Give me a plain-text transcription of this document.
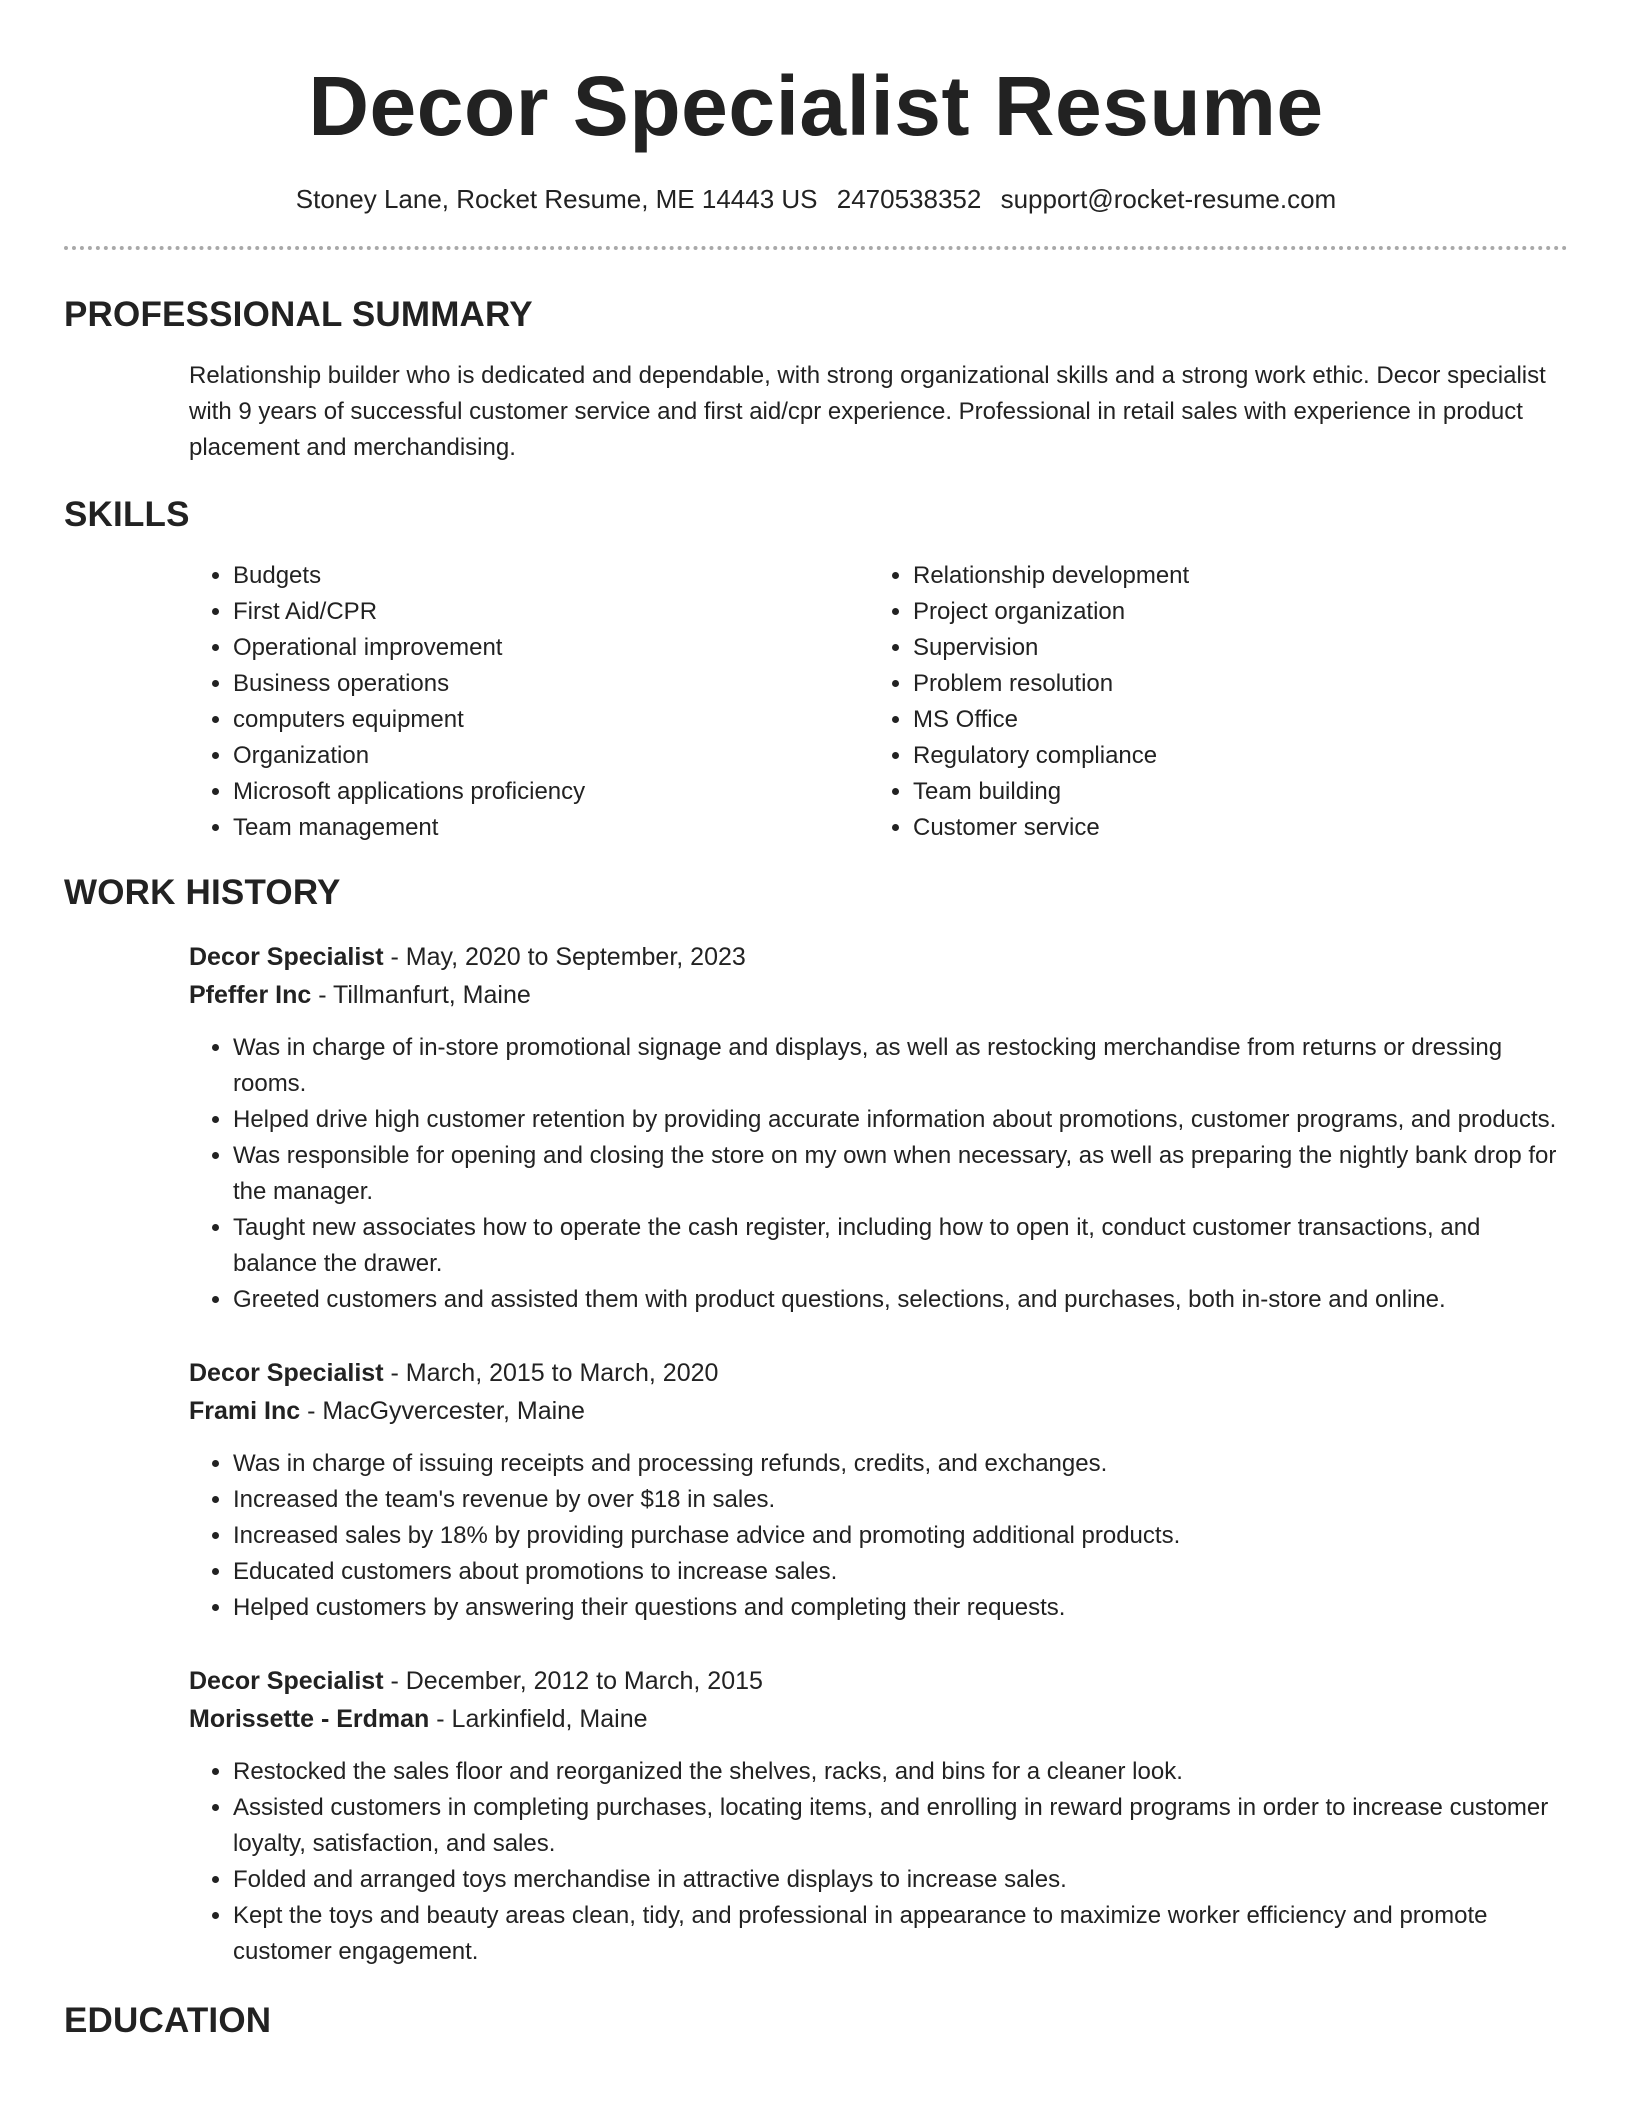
Decor Specialist Resume
Stoney Lane, Rocket Resume, ME 14443 US 2470538352 support@rocket-resume.com
PROFESSIONAL SUMMARY
Relationship builder who is dedicated and dependable, with strong organizational skills and a strong work ethic. Decor specialist with 9 years of successful customer service and first aid/cpr experience. Professional in retail sales with experience in product placement and merchandising.
SKILLS
• Budgets
• First Aid/CPR
• Operational improvement
• Business operations
• computers equipment
• Organization
• Microsoft applications proficiency
• Team management
• Relationship development
• Project organization
• Supervision
• Problem resolution
• MS Office
• Regulatory compliance
• Team building
• Customer service
WORK HISTORY
Decor Specialist - May, 2020 to September, 2023
Pfeffer Inc - Tillmanfurt, Maine
• Was in charge of in-store promotional signage and displays, as well as restocking merchandise from returns or dressing rooms.
• Helped drive high customer retention by providing accurate information about promotions, customer programs, and products.
• Was responsible for opening and closing the store on my own when necessary, as well as preparing the nightly bank drop for the manager.
• Taught new associates how to operate the cash register, including how to open it, conduct customer transactions, and balance the drawer.
• Greeted customers and assisted them with product questions, selections, and purchases, both in-store and online.
Decor Specialist - March, 2015 to March, 2020
Frami Inc - MacGyvercester, Maine
• Was in charge of issuing receipts and processing refunds, credits, and exchanges.
• Increased the team's revenue by over $18 in sales.
• Increased sales by 18% by providing purchase advice and promoting additional products.
• Educated customers about promotions to increase sales.
• Helped customers by answering their questions and completing their requests.
Decor Specialist - December, 2012 to March, 2015
Morissette - Erdman - Larkinfield, Maine
• Restocked the sales floor and reorganized the shelves, racks, and bins for a cleaner look.
• Assisted customers in completing purchases, locating items, and enrolling in reward programs in order to increase customer loyalty, satisfaction, and sales.
• Folded and arranged toys merchandise in attractive displays to increase sales.
• Kept the toys and beauty areas clean, tidy, and professional in appearance to maximize worker efficiency and promote customer engagement.
EDUCATION
